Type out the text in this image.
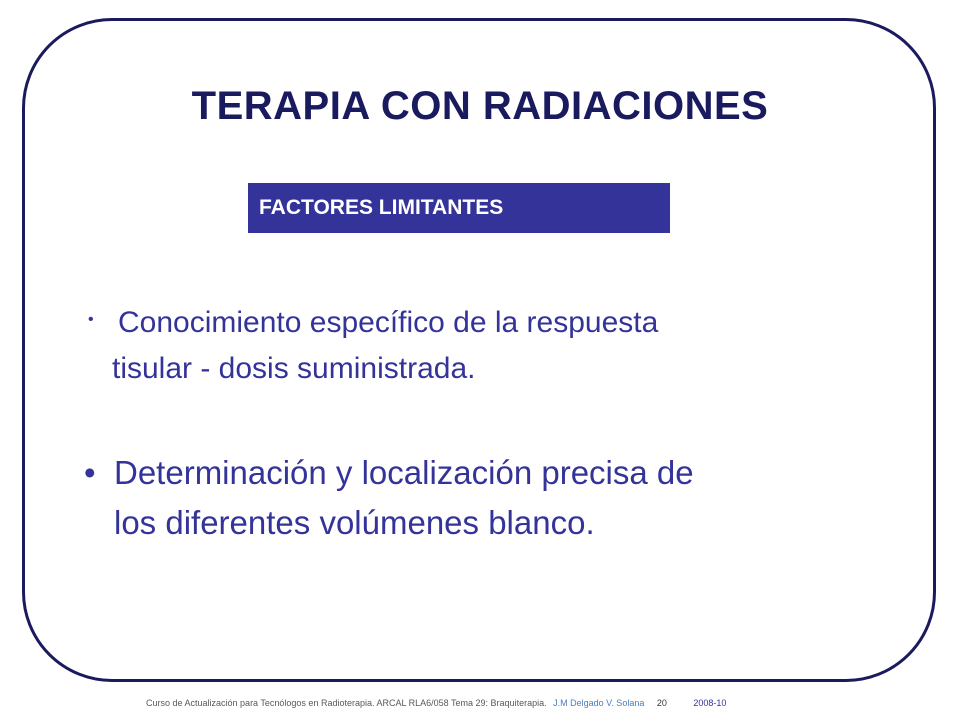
TERAPIA CON RADIACIONES
FACTORES LIMITANTES
• Conocimiento específico de la respuesta
tisular - dosis suministrada.
• Determinación y localización precisa de
los diferentes volúmenes blanco.
Curso de Actualización para Tecnólogos en Radioterapia. ARCAL RLA6/058 Tema 29: Braquiterapia. J.M Delgado V. Solana 20	2008-10
